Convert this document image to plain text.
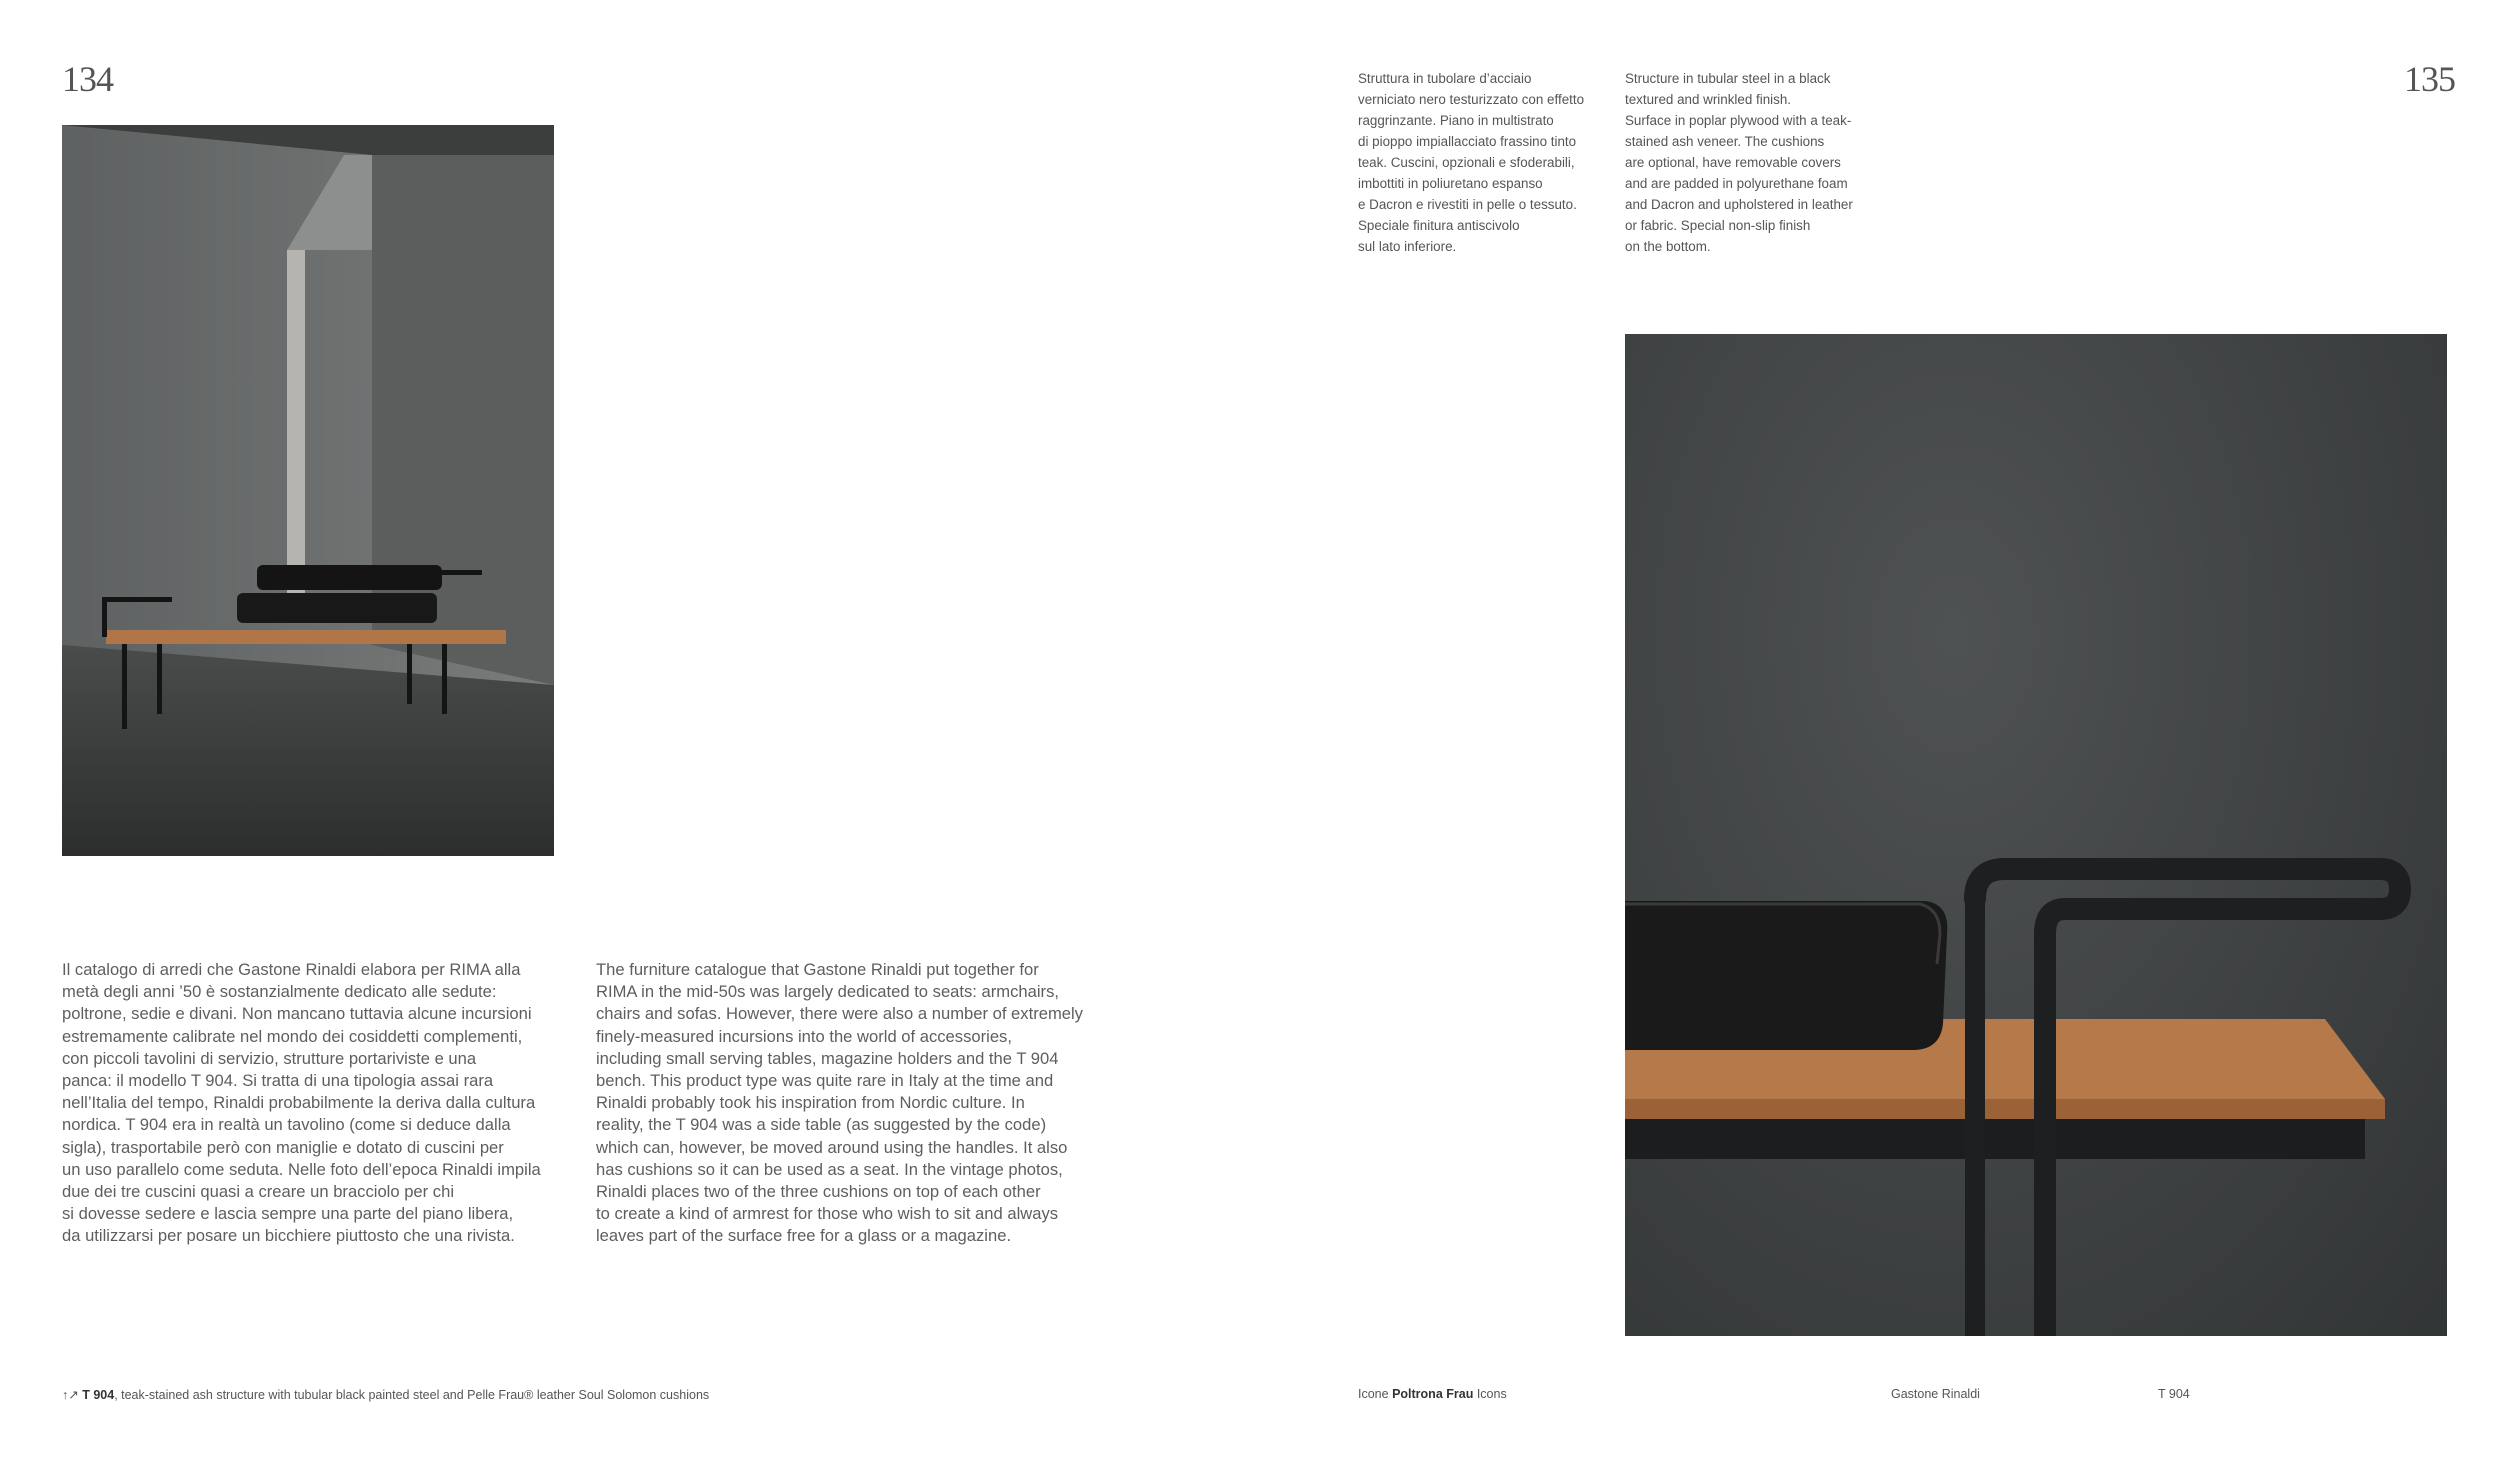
134	135
Struttura in tubolare d’acciaio
verniciato nero testurizzato con effetto
raggrinzante. Piano in multistrato
di pioppo impiallacciato frassino tinto
teak. Cuscini, opzionali e sfoderabili,
imbottiti in poliuretano espanso
e Dacron e rivestiti in pelle o tessuto.
Speciale finitura antiscivolo
sul lato inferiore.
Structure in tubular steel in a black
textured and wrinkled finish.
Surface in poplar plywood with a teak-
stained ash veneer. The cushions
are optional, have removable covers
and are padded in polyurethane foam
and Dacron and upholstered in leather
or fabric. Special non-slip finish
on the bottom.
Il catalogo di arredi che Gastone Rinaldi elabora per RIMA alla
metà degli anni ’50 è sostanzialmente dedicato alle sedute:
poltrone, sedie e divani. Non mancano tuttavia alcune incursioni
estremamente calibrate nel mondo dei cosiddetti complementi,
con piccoli tavolini di servizio, strutture portariviste e una
panca: il modello T 904. Si tratta di una tipologia assai rara
nell’Italia del tempo, Rinaldi probabilmente la deriva dalla cultura
nordica. T 904 era in realtà un tavolino (come si deduce dalla
sigla), trasportabile però con maniglie e dotato di cuscini per
un uso parallelo come seduta. Nelle foto dell’epoca Rinaldi impila
due dei tre cuscini quasi a creare un bracciolo per chi
si dovesse sedere e lascia sempre una parte del piano libera,
da utilizzarsi per posare un bicchiere piuttosto che una rivista.
The furniture catalogue that Gastone Rinaldi put together for
RIMA in the mid-50s was largely dedicated to seats: armchairs,
chairs and sofas. However, there were also a number of extremely
finely-measured incursions into the world of accessories,
including small serving tables, magazine holders and the T 904
bench. This product type was quite rare in Italy at the time and
Rinaldi probably took his inspiration from Nordic culture. In
reality, the T 904 was a side table (as suggested by the code)
which can, however, be moved around using the handles. It also
has cushions so it can be used as a seat. In the vintage photos,
Rinaldi places two of the three cushions on top of each other
to create a kind of armrest for those who wish to sit and always
leaves part of the surface free for a glass or a magazine.
↑↗ T 904, teak-stained ash structure with tubular black painted steel and Pelle Frau® leather Soul Solomon cushions	Icone Poltrona Frau Icons	Gastone Rinaldi	T 904
